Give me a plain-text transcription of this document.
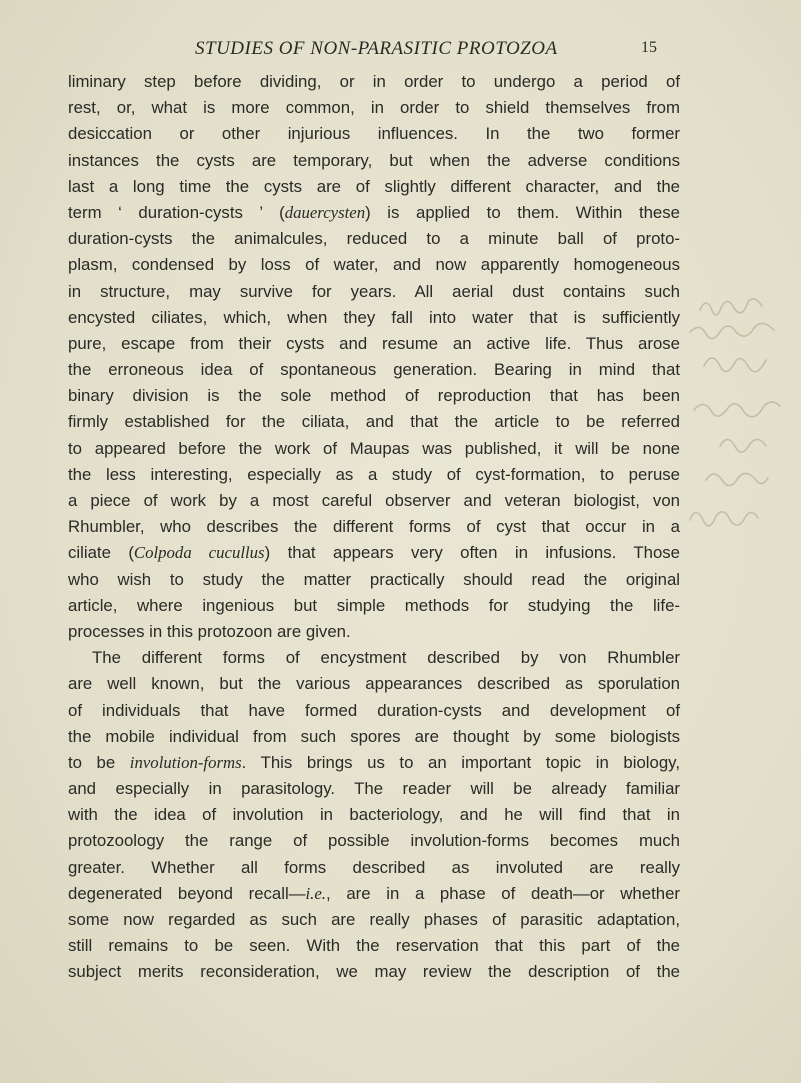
STUDIES OF NON-PARASITIC PROTOZOA	15
liminary step before dividing, or in order to undergo a period of
rest, or, what is more common, in order to shield themselves from
desiccation or other injurious influences. In the two former
instances the cysts are temporary, but when the adverse conditions
last a long time the cysts are of slightly different character, and the
term ‘ duration-cysts ’ (dauercysten) is applied to them. Within these
duration-cysts the animalcules, reduced to a minute ball of proto-
plasm, condensed by loss of water, and now apparently homogeneous
in structure, may survive for years. All aerial dust contains such
encysted ciliates, which, when they fall into water that is sufficiently
pure, escape from their cysts and resume an active life. Thus arose
the erroneous idea of spontaneous generation. Bearing in mind that
binary division is the sole method of reproduction that has been
firmly established for the ciliata, and that the article to be referred
to appeared before the work of Maupas was published, it will be none
the less interesting, especially as a study of cyst-formation, to peruse
a piece of work by a most careful observer and veteran biologist, von
Rhumbler, who describes the different forms of cyst that occur in a
ciliate (Colpoda cucullus) that appears very often in infusions. Those
who wish to study the matter practically should read the original
article, where ingenious but simple methods for studying the life-
processes in this protozoon are given.
The different forms of encystment described by von Rhumbler
are well known, but the various appearances described as sporulation
of individuals that have formed duration-cysts and development of
the mobile individual from such spores are thought by some biologists
to be involution-forms. This brings us to an important topic in biology,
and especially in parasitology. The reader will be already familiar
with the idea of involution in bacteriology, and he will find that in
protozoology the range of possible involution-forms becomes much
greater. Whether all forms described as involuted are really
degenerated beyond recall—i.e., are in a phase of death—or whether
some now regarded as such are really phases of parasitic adaptation,
still remains to be seen. With the reservation that this part of the
subject merits reconsideration, we may review the description of the
